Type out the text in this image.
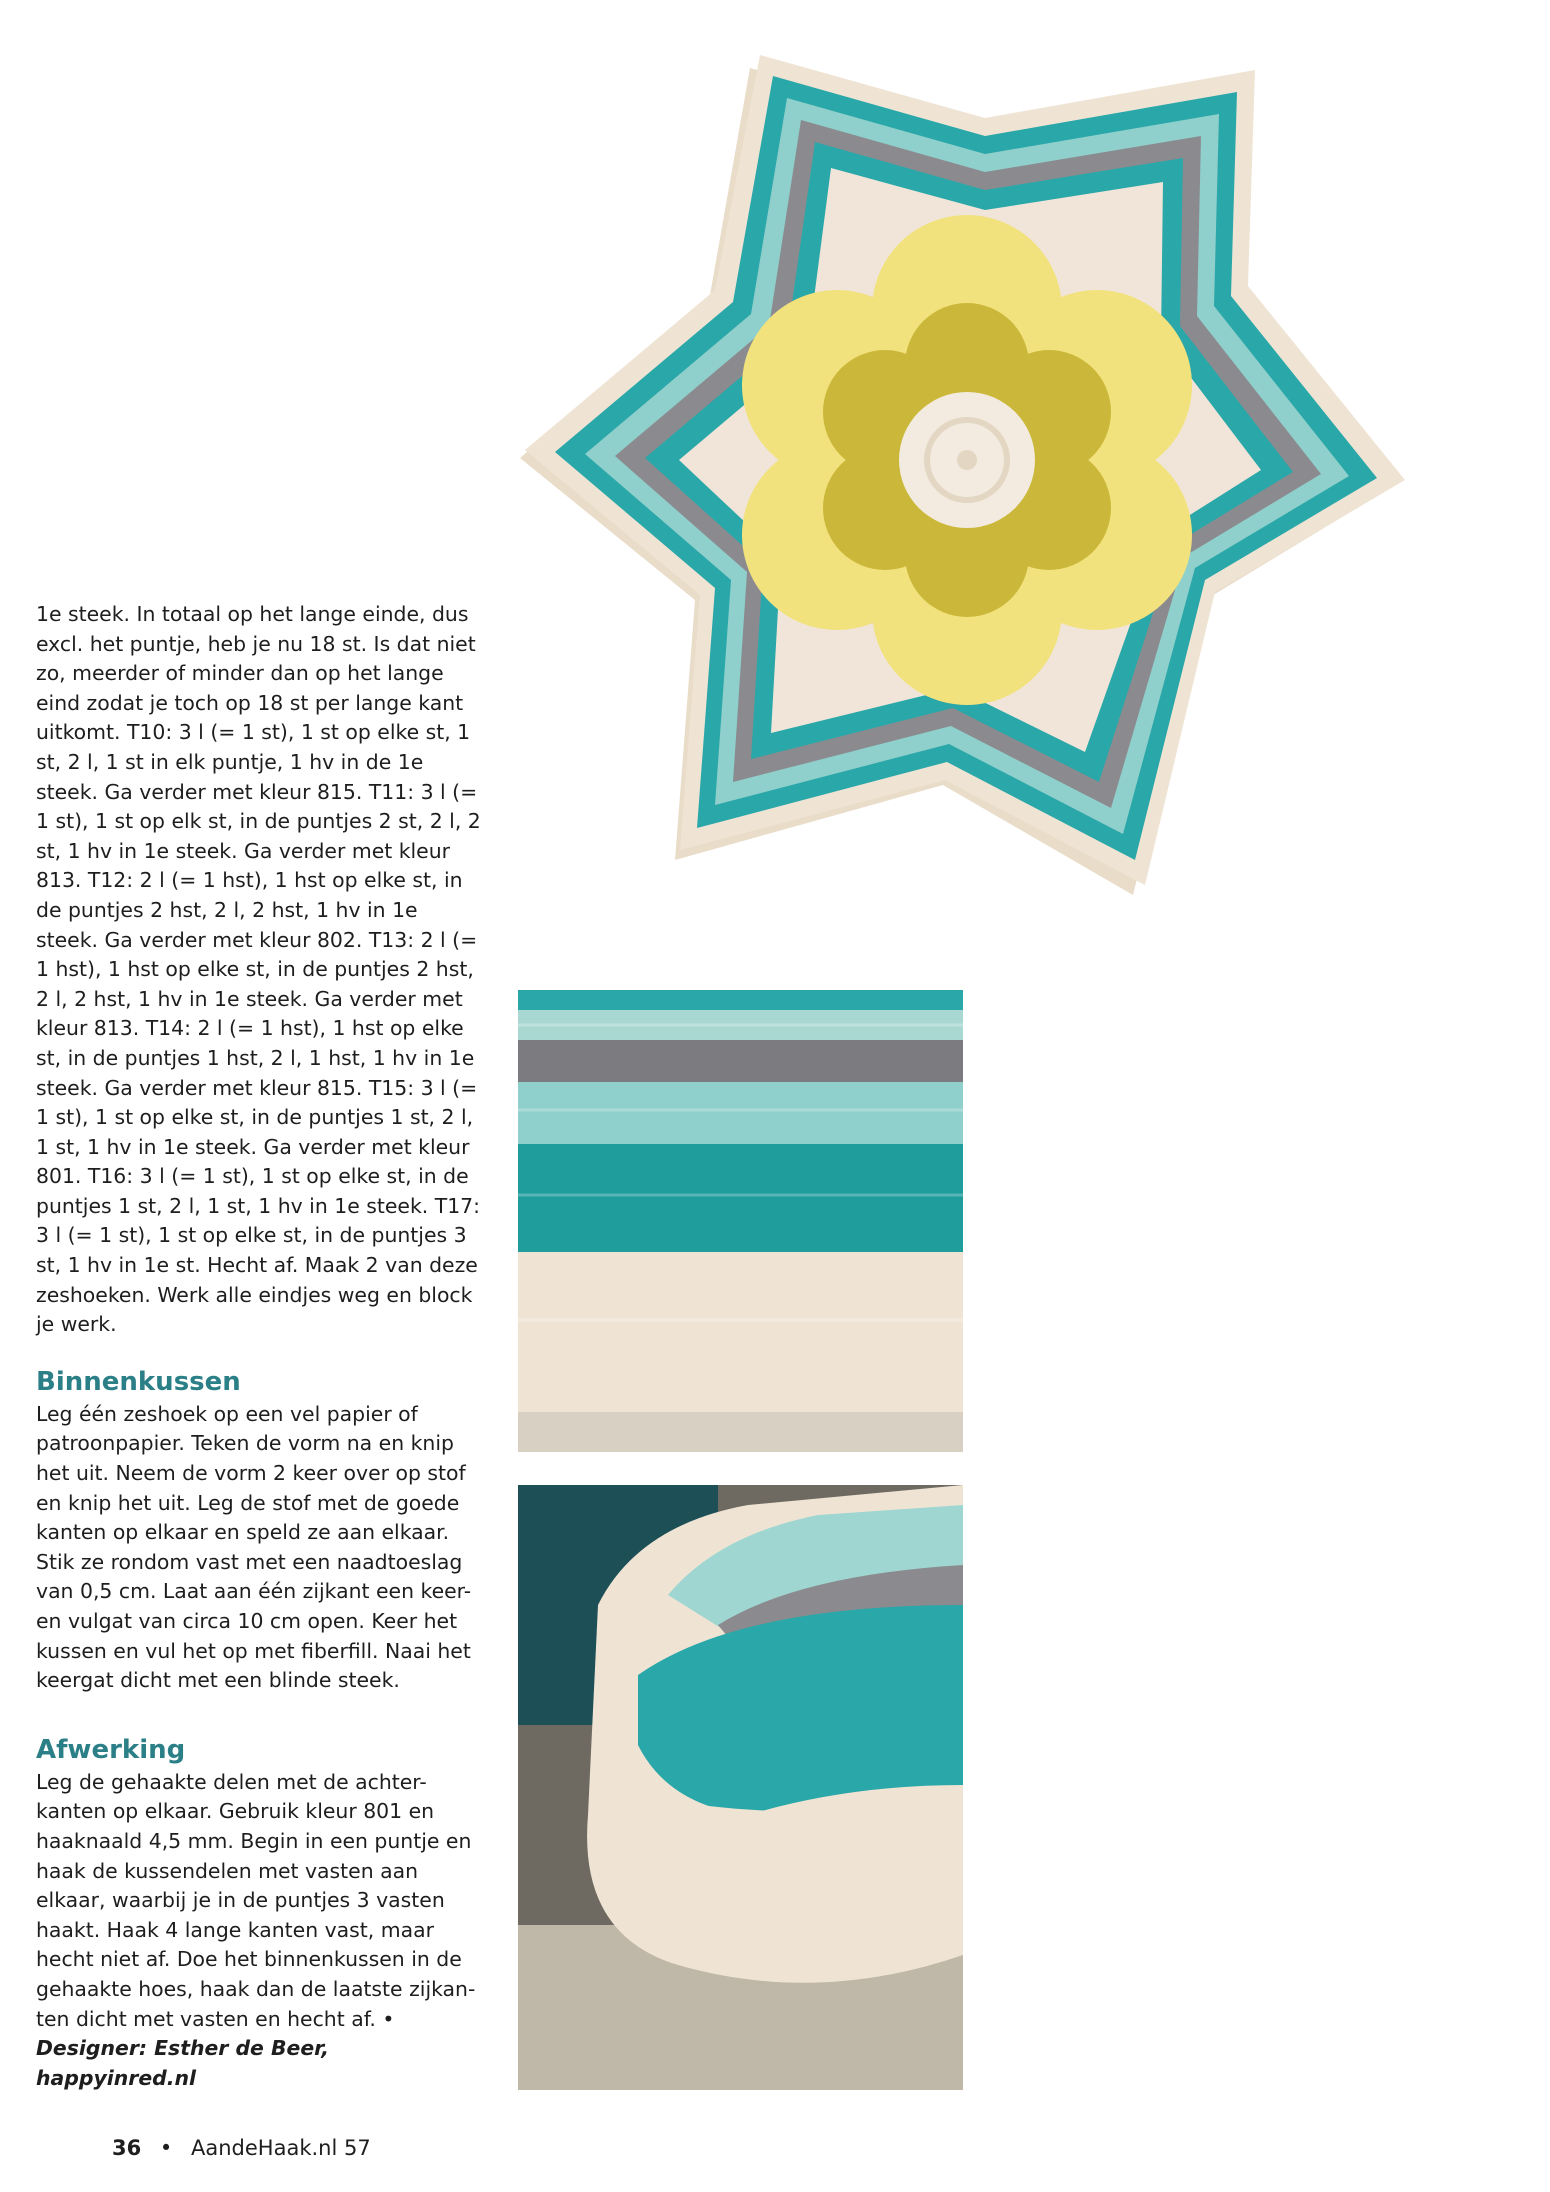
1e steek. In totaal op het lange einde, dus excl. het puntje, heb je nu 18 st. Is dat niet zo, meerder of minder dan op het lange eind zodat je toch op 18 st per lange kant uitkomt. T10: 3 l (= 1 st), 1 st op elke st, 1 st, 2 l, 1 st in elk puntje, 1 hv in de 1e steek. Ga verder met kleur 815. T11: 3 l (= 1 st), 1 st op elk st, in de puntjes 2 st, 2 l, 2 st, 1 hv in 1e steek. Ga verder met kleur 813. T12: 2 l (= 1 hst), 1 hst op elke st, in de puntjes 2 hst, 2 l, 2 hst, 1 hv in 1e steek. Ga verder met kleur 802. T13: 2 l (= 1 hst), 1 hst op elke st, in de puntjes 2 hst, 2 l, 2 hst, 1 hv in 1e steek. Ga verder met kleur 813. T14: 2 l (= 1 hst), 1 hst op elke st, in de puntjes 1 hst, 2 l, 1 hst, 1 hv in 1e steek. Ga verder met kleur 815. T15: 3 l (= 1 st), 1 st op elke st, in de puntjes 1 st, 2 l, 1 st, 1 hv in 1e steek. Ga verder met kleur 801. T16: 3 l (= 1 st), 1 st op elke st, in de puntjes 1 st, 2 l, 1 st, 1 hv in 1e steek. T17: 3 l (= 1 st), 1 st op elke st, in de puntjes 3 st, 1 hv in 1e st. Hecht af. Maak 2 van deze zeshoeken. Werk alle eindjes weg en block je werk.

Binnenkussen

Leg één zeshoek op een vel papier of patroonpapier. Teken de vorm na en knip het uit. Neem de vorm 2 keer over op stof en knip het uit. Leg de stof met de goede kanten op elkaar en speld ze aan elkaar. Stik ze rondom vast met een naadtoeslag van 0,5 cm. Laat aan één zijkant een keer-en vulgat van circa 10 cm open. Keer het kussen en vul het op met fiberfill. Naai het keergat dicht met een blinde steek.

Afwerking

Leg de gehaakte delen met de achter-kanten op elkaar. Gebruik kleur 801 en haaknaald 4,5 mm. Begin in een puntje en haak de kussendelen met vasten aan elkaar, waarbij je in de puntjes 3 vasten haakt. Haak 4 lange kanten vast, maar hecht niet af. Doe het binnenkussen in de gehaakte hoes, haak dan de laatste zijkan-ten dicht met vasten en hecht af. •

Designer: Esther de Beer, happyinred.nl

36 • AandeHaak.nl 57
